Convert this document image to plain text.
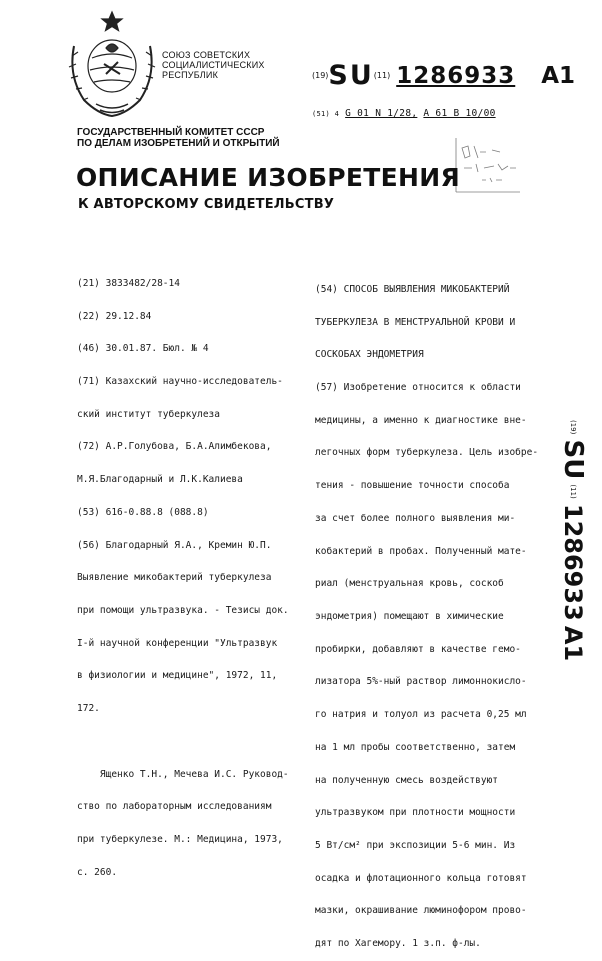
СОЮЗ СОВЕТСКИХ
СОЦИАЛИСТИЧЕСКИХ
РЕСПУБЛИК	(19)SU(11) 1286933 A1
(51) 4 G 01 N 1/28, A 61 B 10/00
ГОСУДАРСТВЕННЫЙ КОМИТЕТ СССР
ПО ДЕЛАМ ИЗОБРЕТЕНИЙ И ОТКРЫТИЙ
ОПИСАНИЕ ИЗОБРЕТЕНИЯ
К АВТОРСКОМУ СВИДЕТЕЛЬСТВУ

(21) 3833482/28-14

(22) 29.12.84

(46) 30.01.87. Бюл. № 4

(71) Казахский научно-исследователь-

ский институт туберкулеза

(72) А.Р.Голубова, Б.А.Алимбекова,

М.Я.Благодарный и Л.К.Калиева

(53) 616-0.88.8 (088.8)

(56) Благодарный Я.А., Кремин Ю.П.

Выявление микобактерий туберкулеза

при помощи ультразвука. - Тезисы док.

I-й научной конференции "Ультразвук

в физиологии и медицине", 1972, 11,

172.

Ященко Т.Н., Мечева И.С. Руковод-

ство по лабораторным исследованиям

при туберкулезе. М.: Медицина, 1973,

с. 260.

(54) СПОСОБ ВЫЯВЛЕНИЯ МИКОБАКТЕРИЙ

ТУБЕРКУЛЕЗА В МЕНСТРУАЛЬНОЙ КРОВИ И

СОСКОБАХ ЭНДОМЕТРИЯ

(57) Изобретение относится к области

медицины, а именно к диагностике вне-

легочных форм туберкулеза. Цель изобре-

тения - повышение точности способа

за счет более полного выявления ми-

кобактерий в пробах. Полученный мате-

риал (менструальная кровь, соскоб

эндометрия) помещают в химические

пробирки, добавляют в качестве гемо-

лизатора 5%-ный раствор лимоннокисло-

го натрия и толуол из расчета 0,25 мл

на 1 мл пробы соответственно, затем

на полученную смесь воздействуют

ультразвуком при плотности мощности

5 Вт/см² при экспозиции 5-6 мин. Из

осадка и флотационного кольца готовят

мазки, окрашивание люминофором прово-

дят по Хагемору. 1 з.п. ф-лы.

(19) SU (11) 1286933 A1
